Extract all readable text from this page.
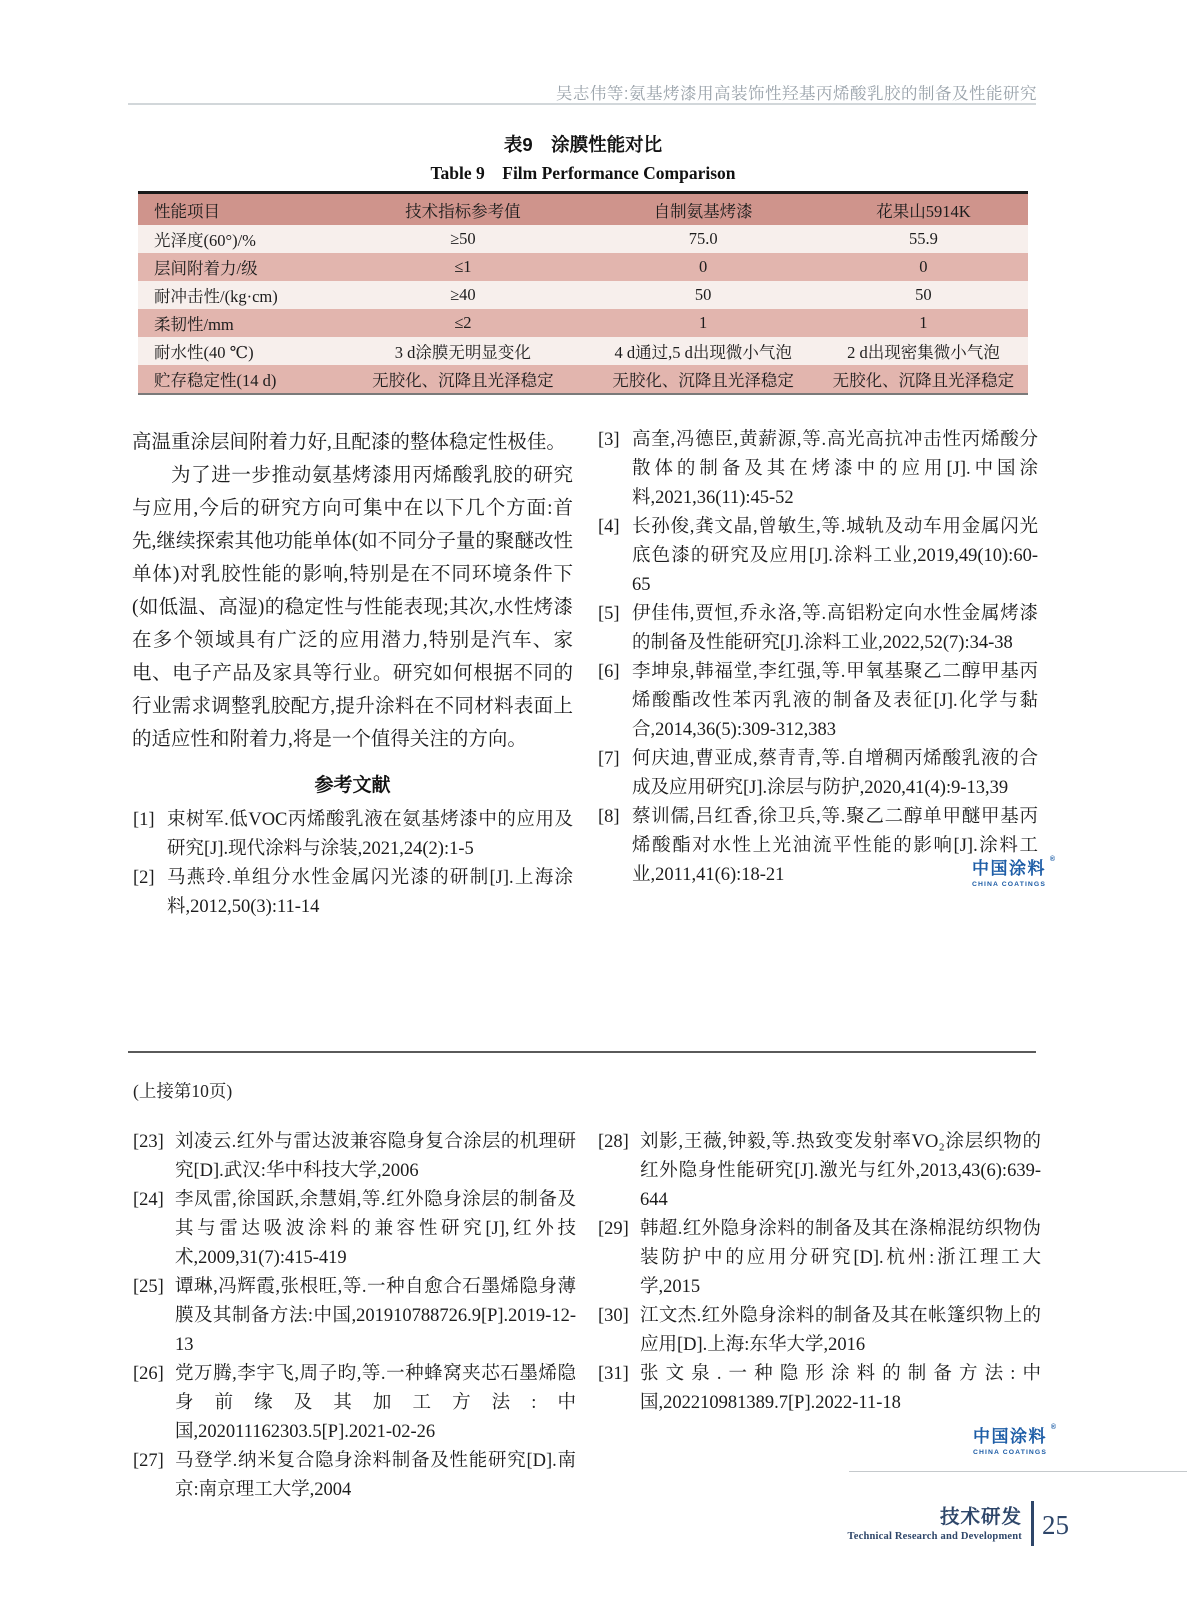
吴志伟等:氨基烤漆用高装饰性羟基丙烯酸乳胶的制备及性能研究
表9　涂膜性能对比
Table 9　Film Performance Comparison
性能项目	技术指标参考值	自制氨基烤漆	花果山5914K
光泽度(60°)/%	≥50	75.0	55.9
层间附着力/级	≤1	0	0
耐冲击性/(kg·cm)	≥40	50	50
柔韧性/mm	≤2	1	1
耐水性(40 ℃)	3 d涂膜无明显变化	4 d通过,5 d出现微小气泡	2 d出现密集微小气泡
贮存稳定性(14 d)	无胶化、沉降且光泽稳定	无胶化、沉降且光泽稳定	无胶化、沉降且光泽稳定
高温重涂层间附着力好,且配漆的整体稳定性极佳。
为了进一步推动氨基烤漆用丙烯酸乳胶的研究与应用,今后的研究方向可集中在以下几个方面:首先,继续探索其他功能单体(如不同分子量的聚醚改性单体)对乳胶性能的影响,特别是在不同环境条件下(如低温、高湿)的稳定性与性能表现;其次,水性烤漆在多个领域具有广泛的应用潜力,特别是汽车、家电、电子产品及家具等行业。研究如何根据不同的行业需求调整乳胶配方,提升涂料在不同材料表面上的适应性和附着力,将是一个值得关注的方向。
参考文献
[1] 束树军.低VOC丙烯酸乳液在氨基烤漆中的应用及研究[J].现代涂料与涂装,2021,24(2):1-5
[2] 马燕玲.单组分水性金属闪光漆的研制[J].上海涂料,2012,50(3):11-14
[3] 高奎,冯德臣,黄薪源,等.高光高抗冲击性丙烯酸分散体的制备及其在烤漆中的应用[J].中国涂料,2021,36(11):45-52
[4] 长孙俊,龚文晶,曾敏生,等.城轨及动车用金属闪光底色漆的研究及应用[J].涂料工业,2019,49(10):60-65
[5] 伊佳伟,贾恒,乔永洛,等.高铝粉定向水性金属烤漆的制备及性能研究[J].涂料工业,2022,52(7):34-38
[6] 李坤泉,韩福堂,李红强,等.甲氧基聚乙二醇甲基丙烯酸酯改性苯丙乳液的制备及表征[J].化学与黏合,2014,36(5):309-312,383
[7] 何庆迪,曹亚成,蔡青青,等.自增稠丙烯酸乳液的合成及应用研究[J].涂层与防护,2020,41(4):9-13,39
[8] 蔡训儒,吕红香,徐卫兵,等.聚乙二醇单甲醚甲基丙烯酸酯对水性上光油流平性能的影响[J].涂料工业,2011,41(6):18-21	中国涂料 ®
CHINA COATINGS
(上接第10页)
[23] 刘凌云.红外与雷达波兼容隐身复合涂层的机理研究[D].武汉:华中科技大学,2006
[24] 李凤雷,徐国跃,余慧娟,等.红外隐身涂层的制备及其与雷达吸波涂料的兼容性研究[J],红外技术,2009,31(7):415-419
[25] 谭琳,冯辉霞,张根旺,等.一种自愈合石墨烯隐身薄膜及其制备方法:中国,201910788726.9[P].2019-12-13
[26] 党万腾,李宇飞,周子昀,等.一种蜂窝夹芯石墨烯隐身前缘及其加工方法:中国,202011162303.5[P].2021-02-26
[27] 马登学.纳米复合隐身涂料制备及性能研究[D].南京:南京理工大学,2004
[28] 刘影,王薇,钟毅,等.热致变发射率VO₂涂层织物的红外隐身性能研究[J].激光与红外,2013,43(6):639-644
[29] 韩超.红外隐身涂料的制备及其在涤棉混纺织物伪装防护中的应用分研究[D].杭州:浙江理工大学,2015
[30] 江文杰.红外隐身涂料的制备及其在帐篷织物上的应用[D].上海:东华大学,2016
[31] 张文泉.一种隐形涂料的制备方法:中国,202210981389.7[P].2022-11-18
中国涂料 ®
CHINA COATINGS
技术研发
Technical Research and Development 25
